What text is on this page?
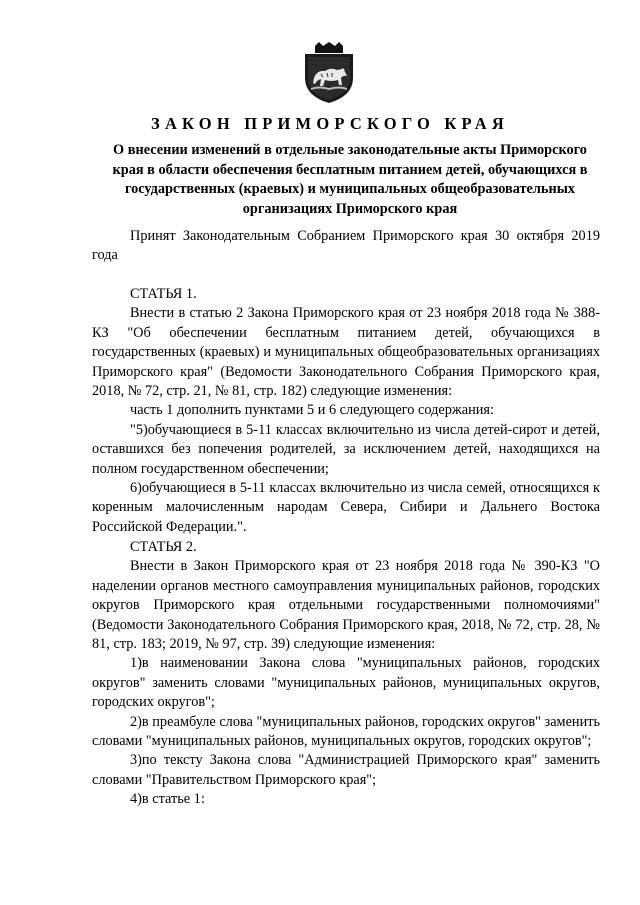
ЗАКОН ПРИМОРСКОГО КРАЯ
О внесении изменений в отдельные законодательные акты Приморского края в области обеспечения бесплатным питанием детей, обучающихся в государственных (краевых) и муниципальных общеобразовательных организациях Приморского края

Принят Законодательным Собранием Приморского края 30 октября 2019 года

СТАТЬЯ 1.

Внести в статью 2 Закона Приморского края от 23 ноября 2018 года № 388-КЗ "Об обеспечении бесплатным питанием детей, обучающихся в государственных (краевых) и муниципальных общеобразовательных организациях Приморского края" (Ведомости Законодательного Собрания Приморского края, 2018, № 72, стр. 21, № 81, стр. 182) следующие изменения:

часть 1 дополнить пунктами 5 и 6 следующего содержания:

"5)обучающиеся в 5-11 классах включительно из числа детей-сирот и детей, оставшихся без попечения родителей, за исключением детей, находящихся на полном государственном обеспечении;

6)обучающиеся в 5-11 классах включительно из числа семей, относящихся к коренным малочисленным народам Севера, Сибири и Дальнего Востока Российской Федерации.".

СТАТЬЯ 2.

Внести в Закон Приморского края от 23 ноября 2018 года № 390-КЗ "О наделении органов местного самоуправления муниципальных районов, городских округов Приморского края отдельными государственными полномочиями" (Ведомости Законодательного Собрания Приморского края, 2018, № 72, стр. 28, № 81, стр. 183; 2019, № 97, стр. 39) следующие изменения:

1)в наименовании Закона слова "муниципальных районов, городских округов" заменить словами "муниципальных районов, муниципальных округов, городских округов";

2)в преамбуле слова "муниципальных районов, городских округов" заменить словами "муниципальных районов, муниципальных округов, городских округов";

3)по тексту Закона слова "Администрацией Приморского края" заменить словами "Правительством Приморского края";

4)в статье 1:
